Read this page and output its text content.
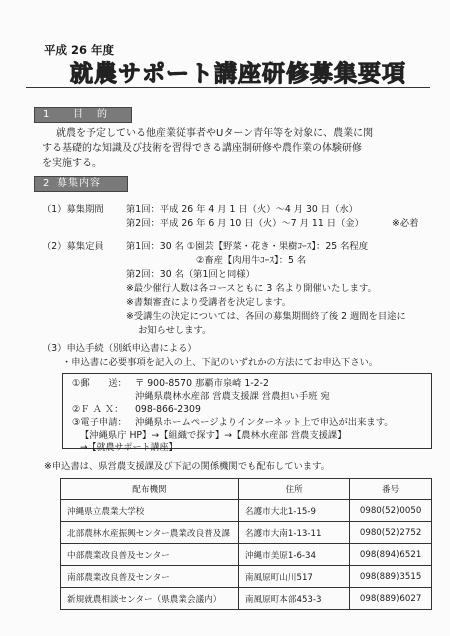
平成 26 年度
就農サポート講座研修募集要項
1 目的
就農を予定している他産業従事者やUターン青年等を対象に、農業に関
する基礎的な知識及び技術を習得できる講座制研修や農作業の体験研修
を実施する。
2 募集内容
（1）募集期間 第1回：平成 26 年 4 月 1 日（火）～4 月 30 日（水）
第2回：平成 26 年 6 月 10 日（火）～7 月 11 日（金）	※必着
（2）募集定員 第1回：30 名 ①園芸【野菜・花き・果樹ｺｰｽ】：25 名程度
②畜産【肉用牛ｺｰｽ】：5 名
第2回：30 名（第1回と同様）
※最少催行人数は各コースともに 3 名より開催いたします。
※書類審査により受講者を決定します。
※受講生の決定については、各回の募集期間終了後 2 週間を目途に
お知らせします。
（3）申込手続（別紙申込書による）
・申込書に必要事項を記入の上、下記のいずれかの方法にてお申込下さい。
①郵　　送： 〒 900-8570 那覇市泉崎 1-2-2
沖縄県農林水産部 営農支援課 営農担い手班 宛
②Ｆ Ａ Ｘ： 098-866-2309
③電子申請： 沖縄県ホームページよりインターネット上で申込が出来ます。
【沖縄県庁 HP】→【組織で探す】→【農林水産部 営農支援課】
→【就農サポート講座】
※申込書は、県営農支援課及び下記の関係機関でも配布しています。
配布機関	住所	番号
沖縄県立農業大学校	名護市大北1-15-9	0980(52)0050
北部農林水産振興センター農業改良普及課	名護市大南1-13-11	0980(52)2752
中部農業改良普及センター	沖縄市美原1-6-34	098(894)6521
南部農業改良普及センター	南風原町山川517	098(889)3515
新規就農相談センター（県農業会議内）	南風原町本部453-3	098(889)6027
